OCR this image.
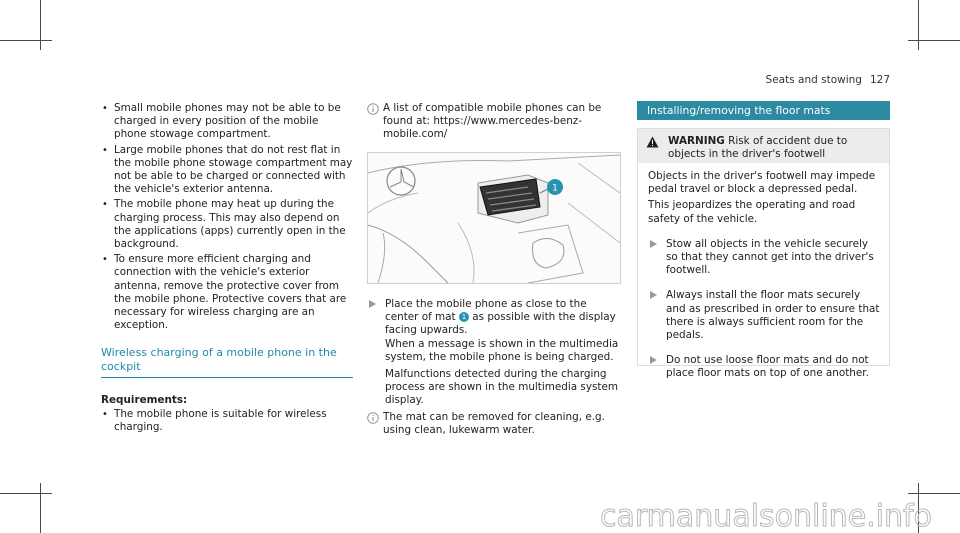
Seats and stowing 127
• Small mobile phones may not be able to be charged in every position of the mobile phone stowage compartment.
• Large mobile phones that do not rest flat in the mobile phone stowage compartment may not be able to be charged or connected with the vehicle's exterior antenna.
• The mobile phone may heat up during the charging process. This may also depend on the applications (apps) currently open in the background.
• To ensure more efficient charging and connection with the vehicle's exterior antenna, remove the protective cover from the mobile phone. Protective covers that are necessary for wireless charging are an exception.
Wireless charging of a mobile phone in the cockpit
Requirements:
• The mobile phone is suitable for wireless charging.
A list of compatible mobile phones can be found at: https://www.mercedes-benz-mobile.com/
1
Place the mobile phone as close to the center of mat 1 as possible with the display facing upwards.
When a message is shown in the multimedia system, the mobile phone is being charged.
Malfunctions detected during the charging process are shown in the multimedia system display.
The mat can be removed for cleaning, e.g. using clean, lukewarm water.
Installing/removing the floor mats
WARNING Risk of accident due to objects in the driver's footwell
Objects in the driver's footwell may impede pedal travel or block a depressed pedal.
This jeopardizes the operating and road safety of the vehicle.
Stow all objects in the vehicle securely so that they cannot get into the driver's footwell.
Always install the floor mats securely and as prescribed in order to ensure that there is always sufficient room for the pedals.
Do not use loose floor mats and do not place floor mats on top of one another.
carmanualsonline.info
